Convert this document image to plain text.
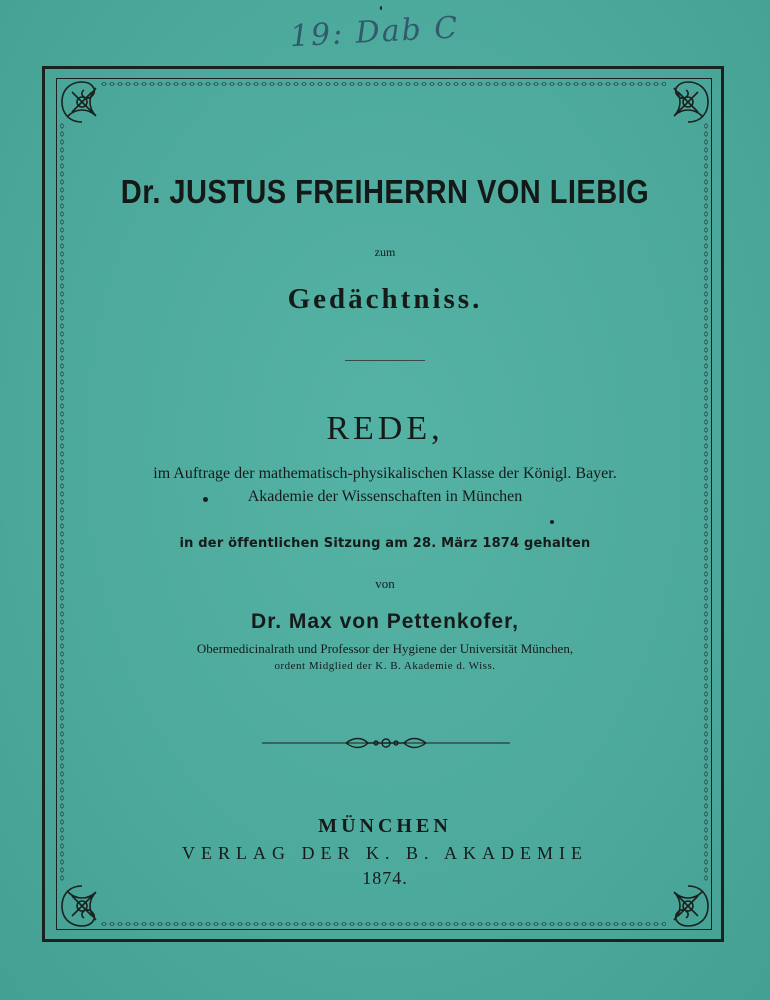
19: Dab C
Dr. JUSTUS FREIHERRN VON LIEBIG
zum
Gedächtniss.
REDE,
im Auftrage der mathematisch-physikalischen Klasse der Königl. Bayer.
Akademie der Wissenschaften in München
in der öffentlichen Sitzung am 28. März 1874 gehalten
von
Dr. Max von Pettenkofer,
Obermedicinalrath und Professor der Hygiene der Universität München,
ordent Midglied der K. B. Akademie d. Wiss.
MÜNCHEN
VERLAG DER K. B. AKADEMIE
1874.
